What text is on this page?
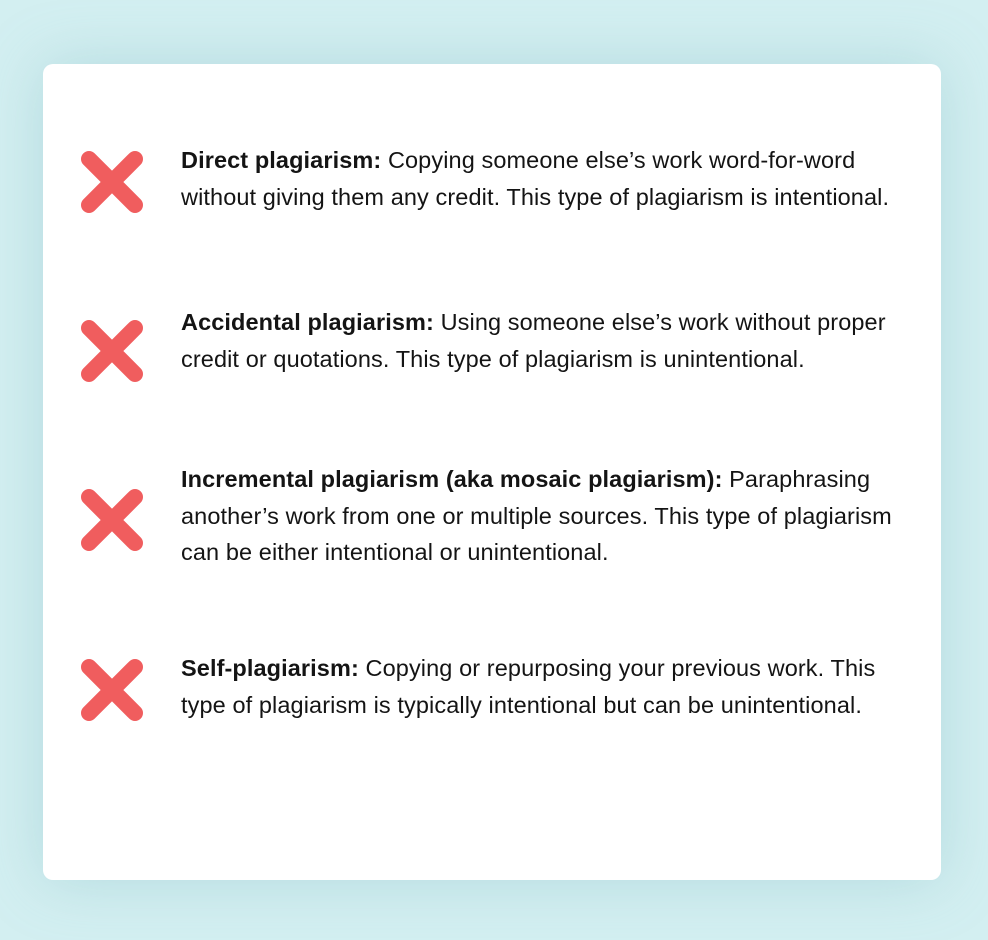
Direct plagiarism: Copying someone else’s work word-for-word without giving them any credit. This type of plagiarism is intentional.

Accidental plagiarism: Using someone else’s work without proper credit or quotations. This type of plagiarism is unintentional.

Incremental plagiarism (aka mosaic plagiarism): Paraphrasing another’s work from one or multiple sources. This type of plagiarism can be either intentional or unintentional.

Self-plagiarism: Copying or repurposing your previous work. This type of plagiarism is typically intentional but can be unintentional.
